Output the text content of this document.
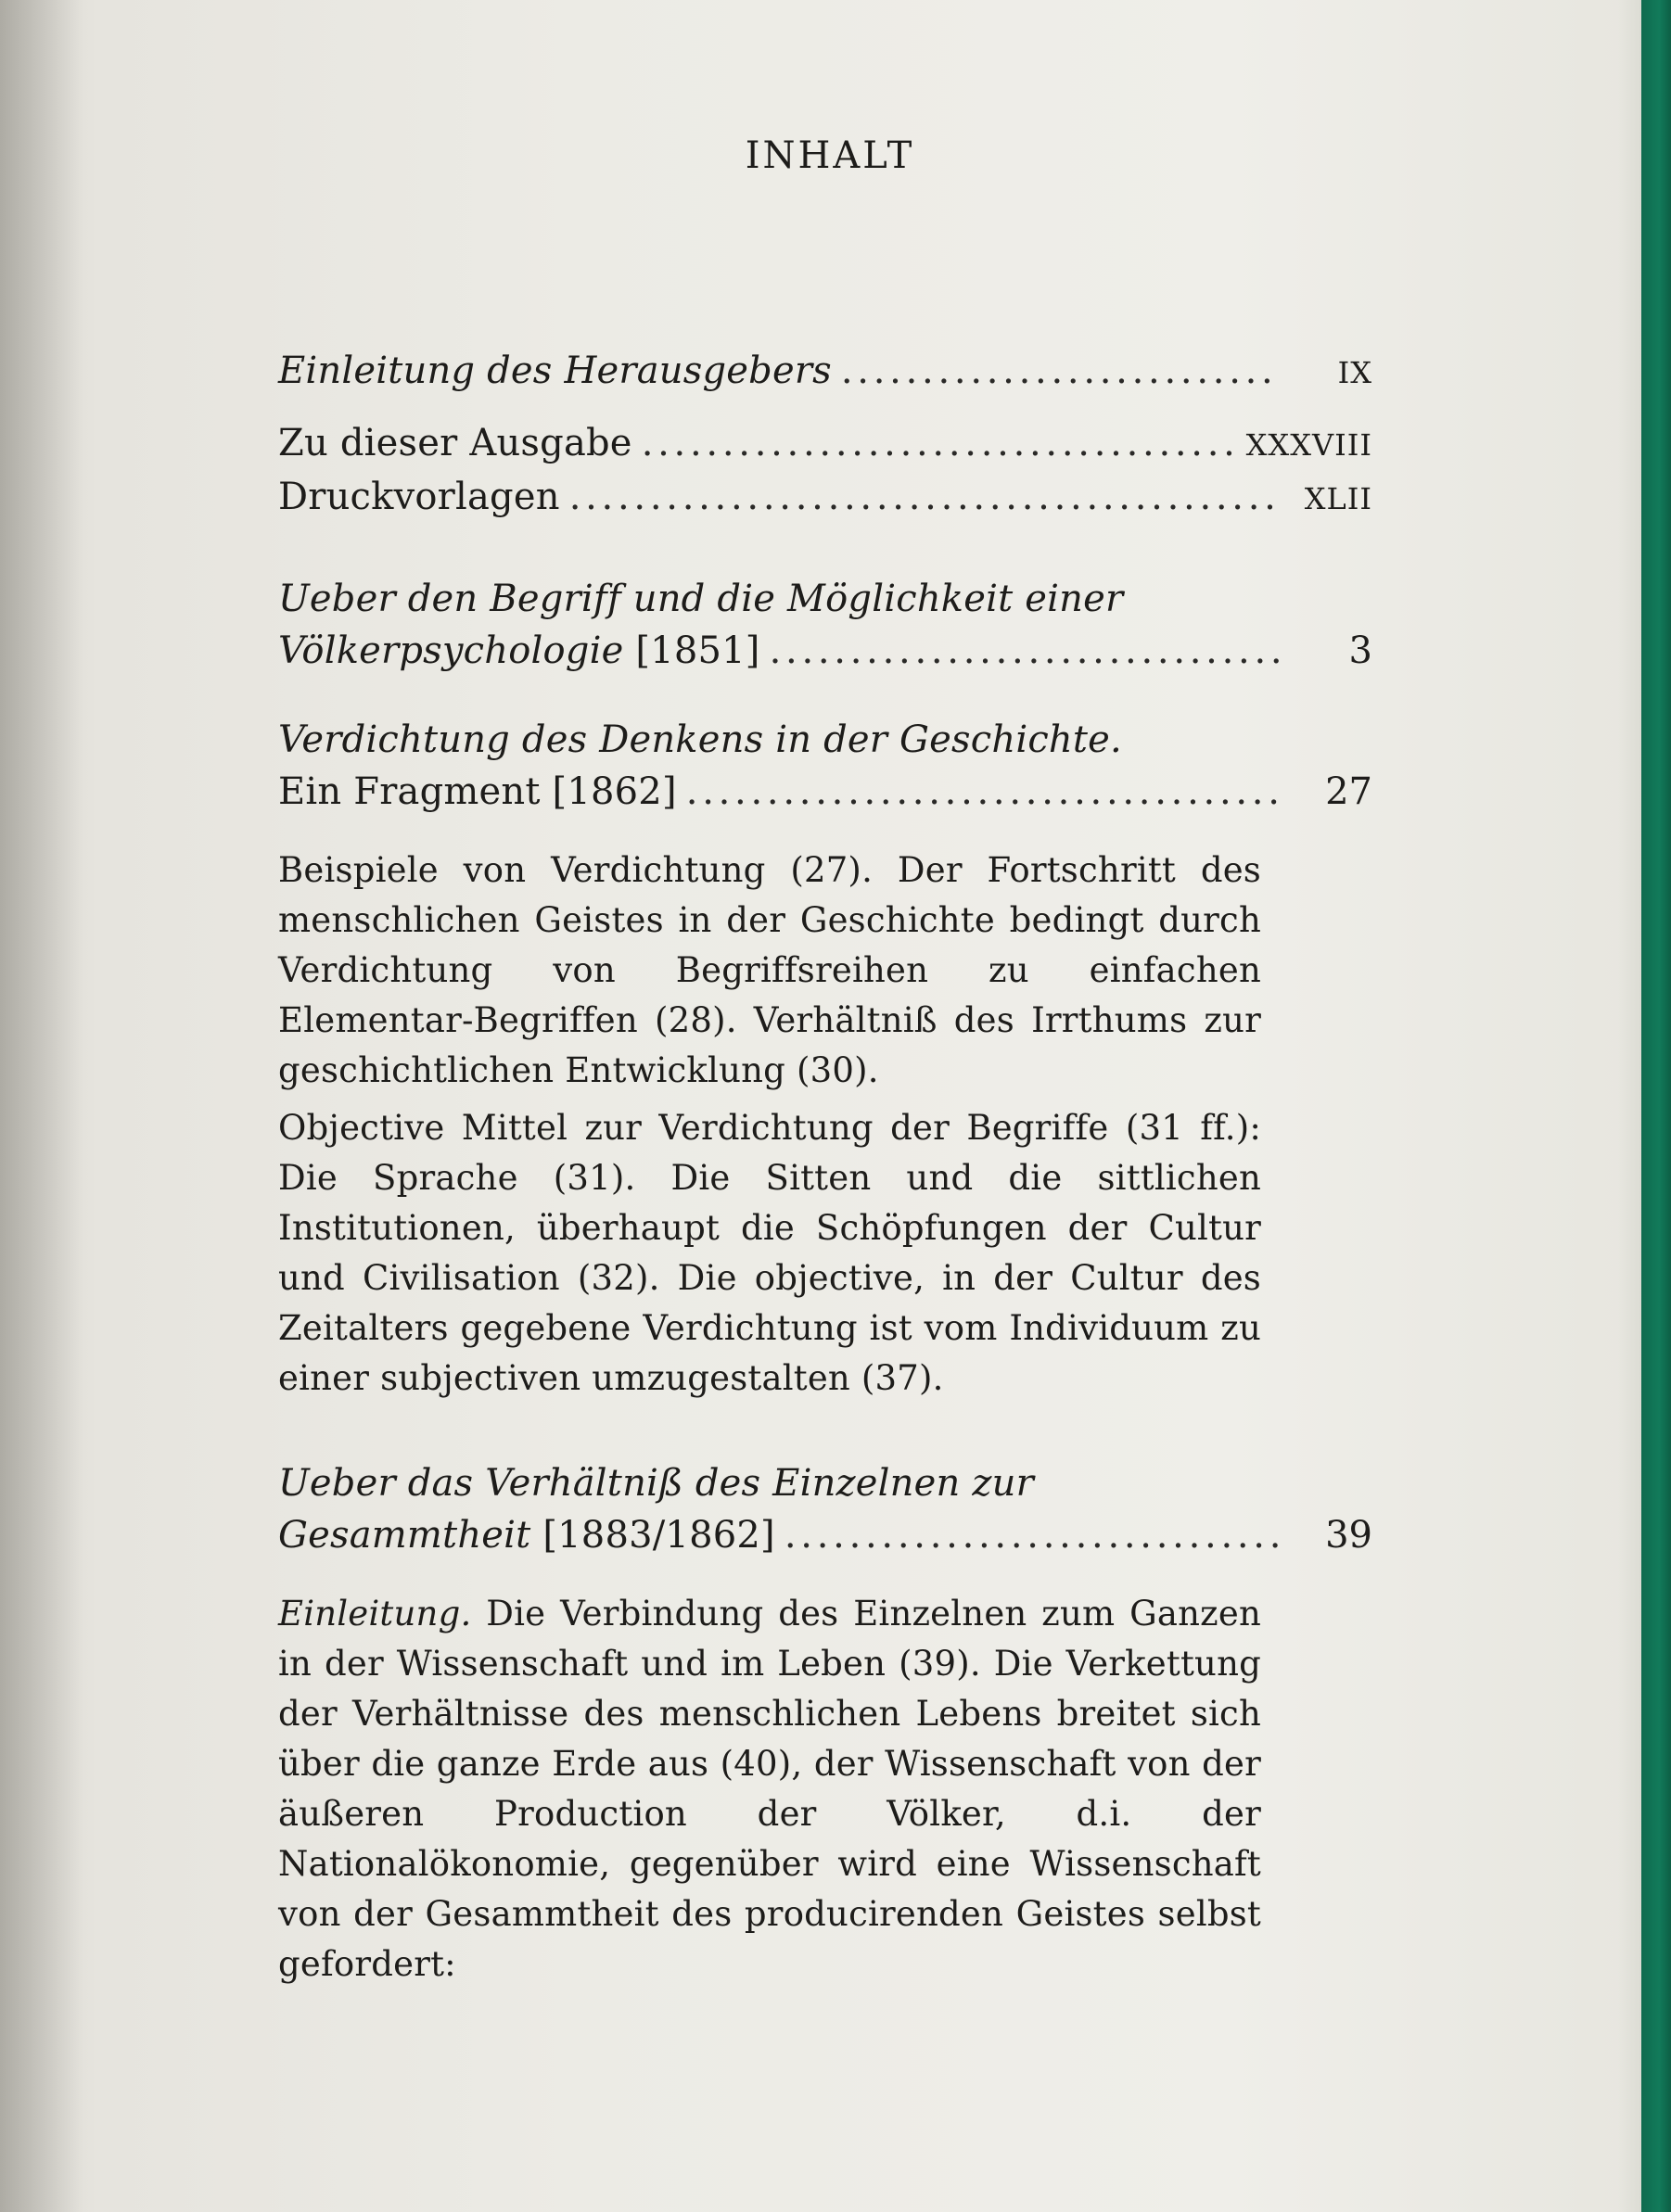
INHALT
Einleitung des Herausgebers . . .	IX
Zu dieser Ausgabe . . .	XXXVIII
Druckvorlagen . . .	XLII
Ueber den Begriff und die Möglichkeit einer
Völkerpsychologie [1851] . . .	3
Verdichtung des Denkens in der Geschichte.
Ein Fragment [1862] . . .	27

Beispiele von Verdichtung (27). Der Fortschritt des menschlichen Geistes in der Geschichte bedingt durch Verdichtung von Begriffsreihen zu einfachen Elementar-Begriffen (28). Verhältniß des Irrthums zur geschichtlichen Entwicklung (30).

Objective Mittel zur Verdichtung der Begriffe (31 ff.): Die Sprache (31). Die Sitten und die sittlichen Institutionen, überhaupt die Schöpfungen der Cultur und Civilisation (32). Die objective, in der Cultur des Zeitalters gegebene Verdichtung ist vom Individuum zu einer subjectiven umzugestalten (37).

Ueber das Verhältniß des Einzelnen zur
Gesammtheit [1883/1862] . . .	39

Einleitung. Die Verbindung des Einzelnen zum Ganzen in der Wissenschaft und im Leben (39). Die Verkettung der Verhältnisse des menschlichen Lebens breitet sich über die ganze Erde aus (40), der Wissenschaft von der äußeren Production der Völker, d.i. der Nationalökonomie, gegenüber wird eine Wissenschaft von der Gesammtheit des producirenden Geistes selbst gefordert:
